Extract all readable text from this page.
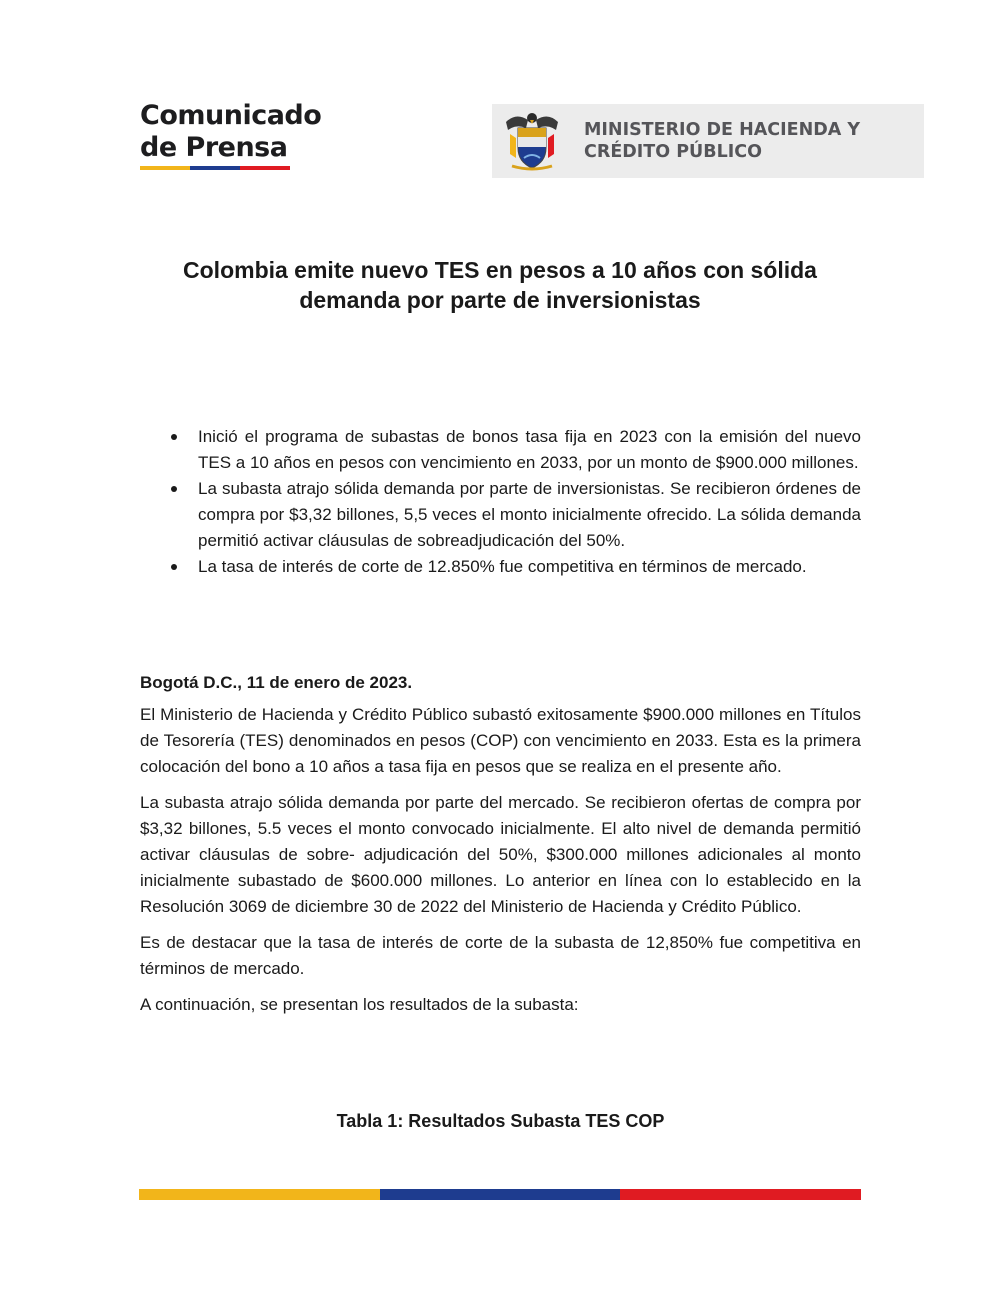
Comunicado
de Prensa
MINISTERIO DE HACIENDA Y
CRÉDITO PÚBLICO
Colombia emite nuevo TES en pesos a 10 años con sólida
demanda por parte de inversionistas
Inició el programa de subastas de bonos tasa fija en 2023 con la emisión del nuevo TES a 10 años en pesos con vencimiento en 2033, por un monto de $900.000 millones.
La subasta atrajo sólida demanda por parte de inversionistas. Se recibieron órdenes de compra por $3,32 billones, 5,5 veces el monto inicialmente ofrecido. La sólida demanda permitió activar cláusulas de sobreadjudicación del 50%.
La tasa de interés de corte de 12.850% fue competitiva en términos de mercado.

Bogotá D.C., 11 de enero de 2023.

El Ministerio de Hacienda y Crédito Público subastó exitosamente $900.000 millones en Títulos de Tesorería (TES) denominados en pesos (COP) con vencimiento en 2033. Esta es la primera colocación del bono a 10 años a tasa fija en pesos que se realiza en el presente año.

La subasta atrajo sólida demanda por parte del mercado. Se recibieron ofertas de compra por $3,32 billones, 5.5 veces el monto convocado inicialmente. El alto nivel de demanda permitió activar cláusulas de sobre- adjudicación del 50%, $300.000 millones adicionales al monto inicialmente subastado de $600.000 millones. Lo anterior en línea con lo establecido en la Resolución 3069 de diciembre 30 de 2022 del Ministerio de Hacienda y Crédito Público.

Es de destacar que la tasa de interés de corte de la subasta de 12,850% fue competitiva en términos de mercado.

A continuación, se presentan los resultados de la subasta:

Tabla 1: Resultados Subasta TES COP
